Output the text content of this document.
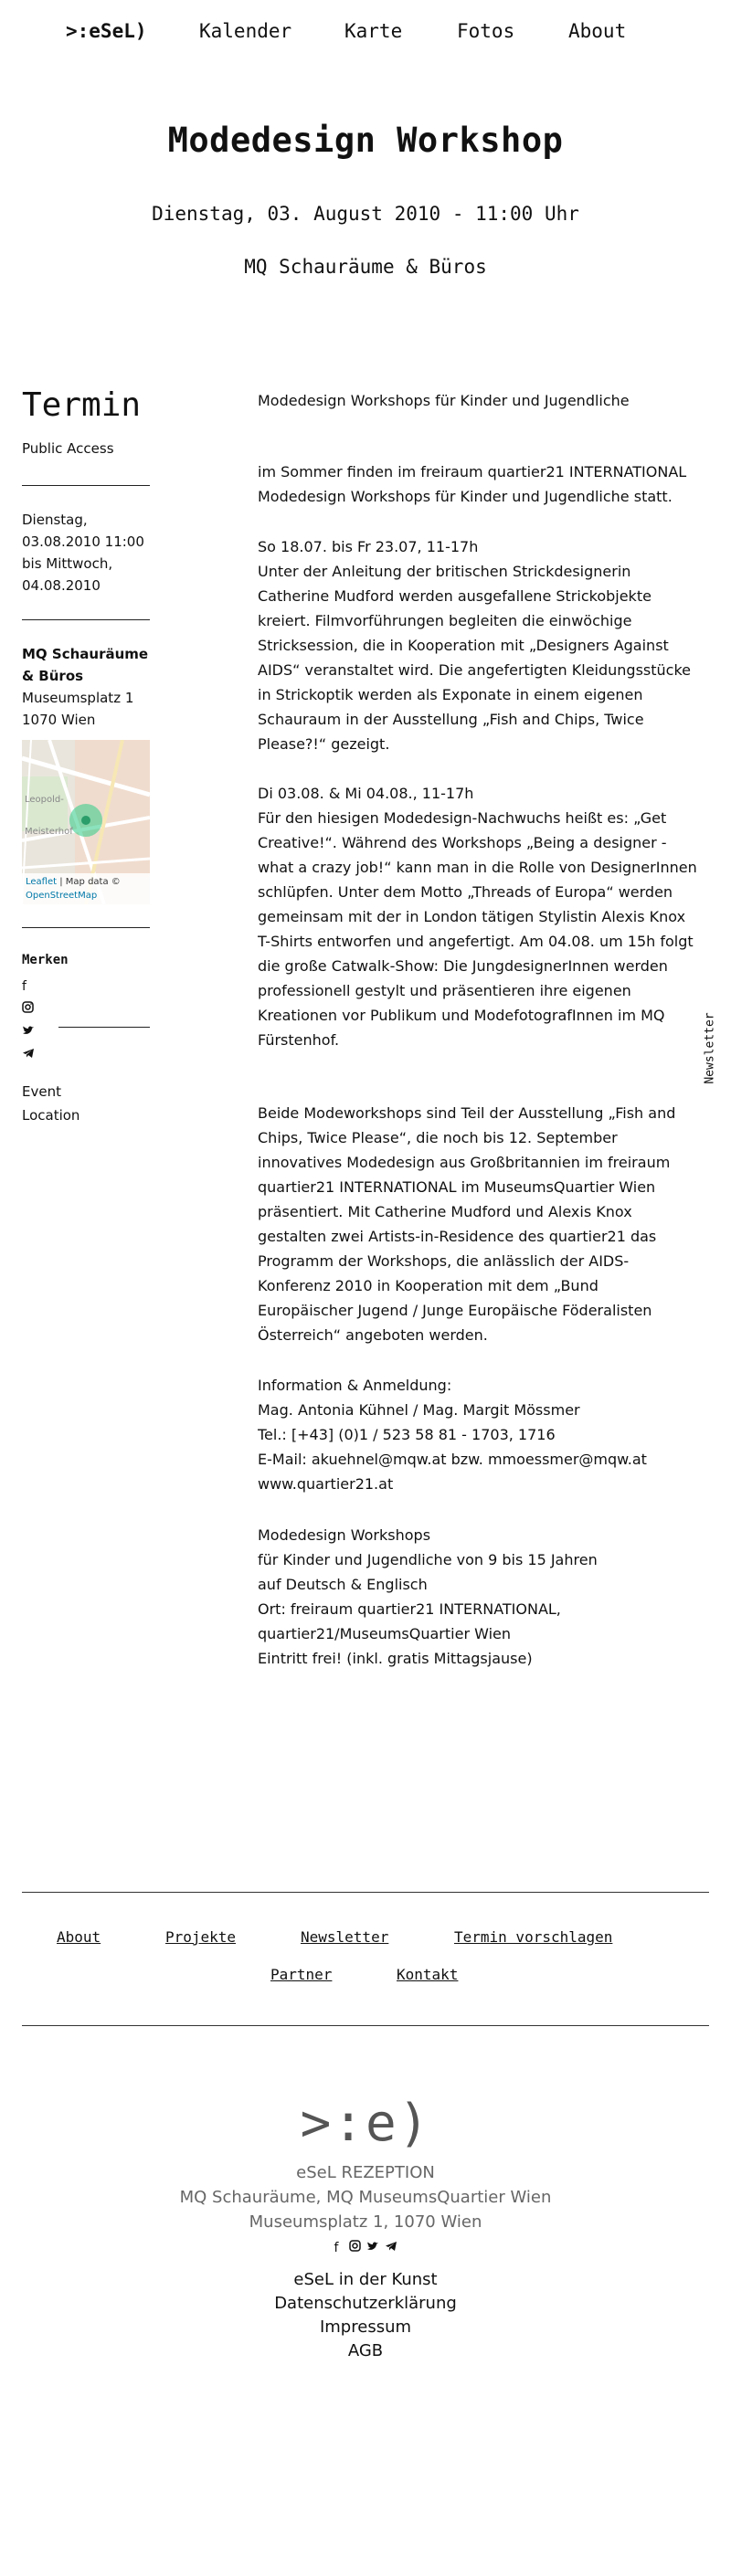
>:eSeL)	Kalender	Karte	Fotos	About
Modedesign Workshop
Dienstag, 03. August 2010 - 11:00 Uhr
MQ Schauräume & Büros
Termin
Public Access
Dienstag,
03.08.2010 11:00
bis Mittwoch,
04.08.2010
MQ Schauräume
& Büros
Museumsplatz 1
1070 Wien
Leopold-
Meisterhof
Leaflet | Map data ©
OpenStreetMap
Merken
f
Event
Location
Modedesign Workshops für Kinder und Jugendliche

im Sommer finden im freiraum quartier21 INTERNATIONAL

Modedesign Workshops für Kinder und Jugendliche statt.

So 18.07. bis Fr 23.07, 11-17h

Unter der Anleitung der britischen Strickdesignerin

Catherine Mudford werden ausgefallene Strickobjekte

kreiert. Filmvorführungen begleiten die einwöchige

Stricksession, die in Kooperation mit „Designers Against

AIDS“ veranstaltet wird. Die angefertigten Kleidungsstücke

in Strickoptik werden als Exponate in einem eigenen

Schauraum in der Ausstellung „Fish and Chips, Twice

Please?!“ gezeigt.

Di 03.08. & Mi 04.08., 11-17h

Für den hiesigen Modedesign-Nachwuchs heißt es: „Get

Creative!“. Während des Workshops „Being a designer -

what a crazy job!“ kann man in die Rolle von DesignerInnen

schlüpfen. Unter dem Motto „Threads of Europa“ werden

gemeinsam mit der in London tätigen Stylistin Alexis Knox

T-Shirts entworfen und angefertigt. Am 04.08. um 15h folgt

die große Catwalk-Show: Die JungdesignerInnen werden

professionell gestylt und präsentieren ihre eigenen

Kreationen vor Publikum und ModefotografInnen im MQ

Fürstenhof.

Beide Modeworkshops sind Teil der Ausstellung „Fish and

Chips, Twice Please“, die noch bis 12. September

innovatives Modedesign aus Großbritannien im freiraum

quartier21 INTERNATIONAL im MuseumsQuartier Wien

präsentiert. Mit Catherine Mudford und Alexis Knox

gestalten zwei Artists-in-Residence des quartier21 das

Programm der Workshops, die anlässlich der AIDS-

Konferenz 2010 in Kooperation mit dem „Bund

Europäischer Jugend / Junge Europäische Föderalisten

Österreich“ angeboten werden.

Information & Anmeldung:

Mag. Antonia Kühnel / Mag. Margit Mössmer

Tel.: [+43] (0)1 / 523 58 81 - 1703, 1716

E-Mail: akuehnel@mqw.at bzw. mmoessmer@mqw.at

www.quartier21.at

Modedesign Workshops

für Kinder und Jugendliche von 9 bis 15 Jahren

auf Deutsch & Englisch

Ort: freiraum quartier21 INTERNATIONAL,

quartier21/MuseumsQuartier Wien

Eintritt frei! (inkl. gratis Mittagsjause)

Newsletter
About	Projekte	Newsletter	Termin vorschlagen
Partner	Kontakt
>:e)
eSeL REZEPTION
MQ Schauräume, MQ MuseumsQuartier Wien
Museumsplatz 1, 1070 Wien
f
eSeL in der Kunst
Datenschutzerklärung
Impressum
AGB
